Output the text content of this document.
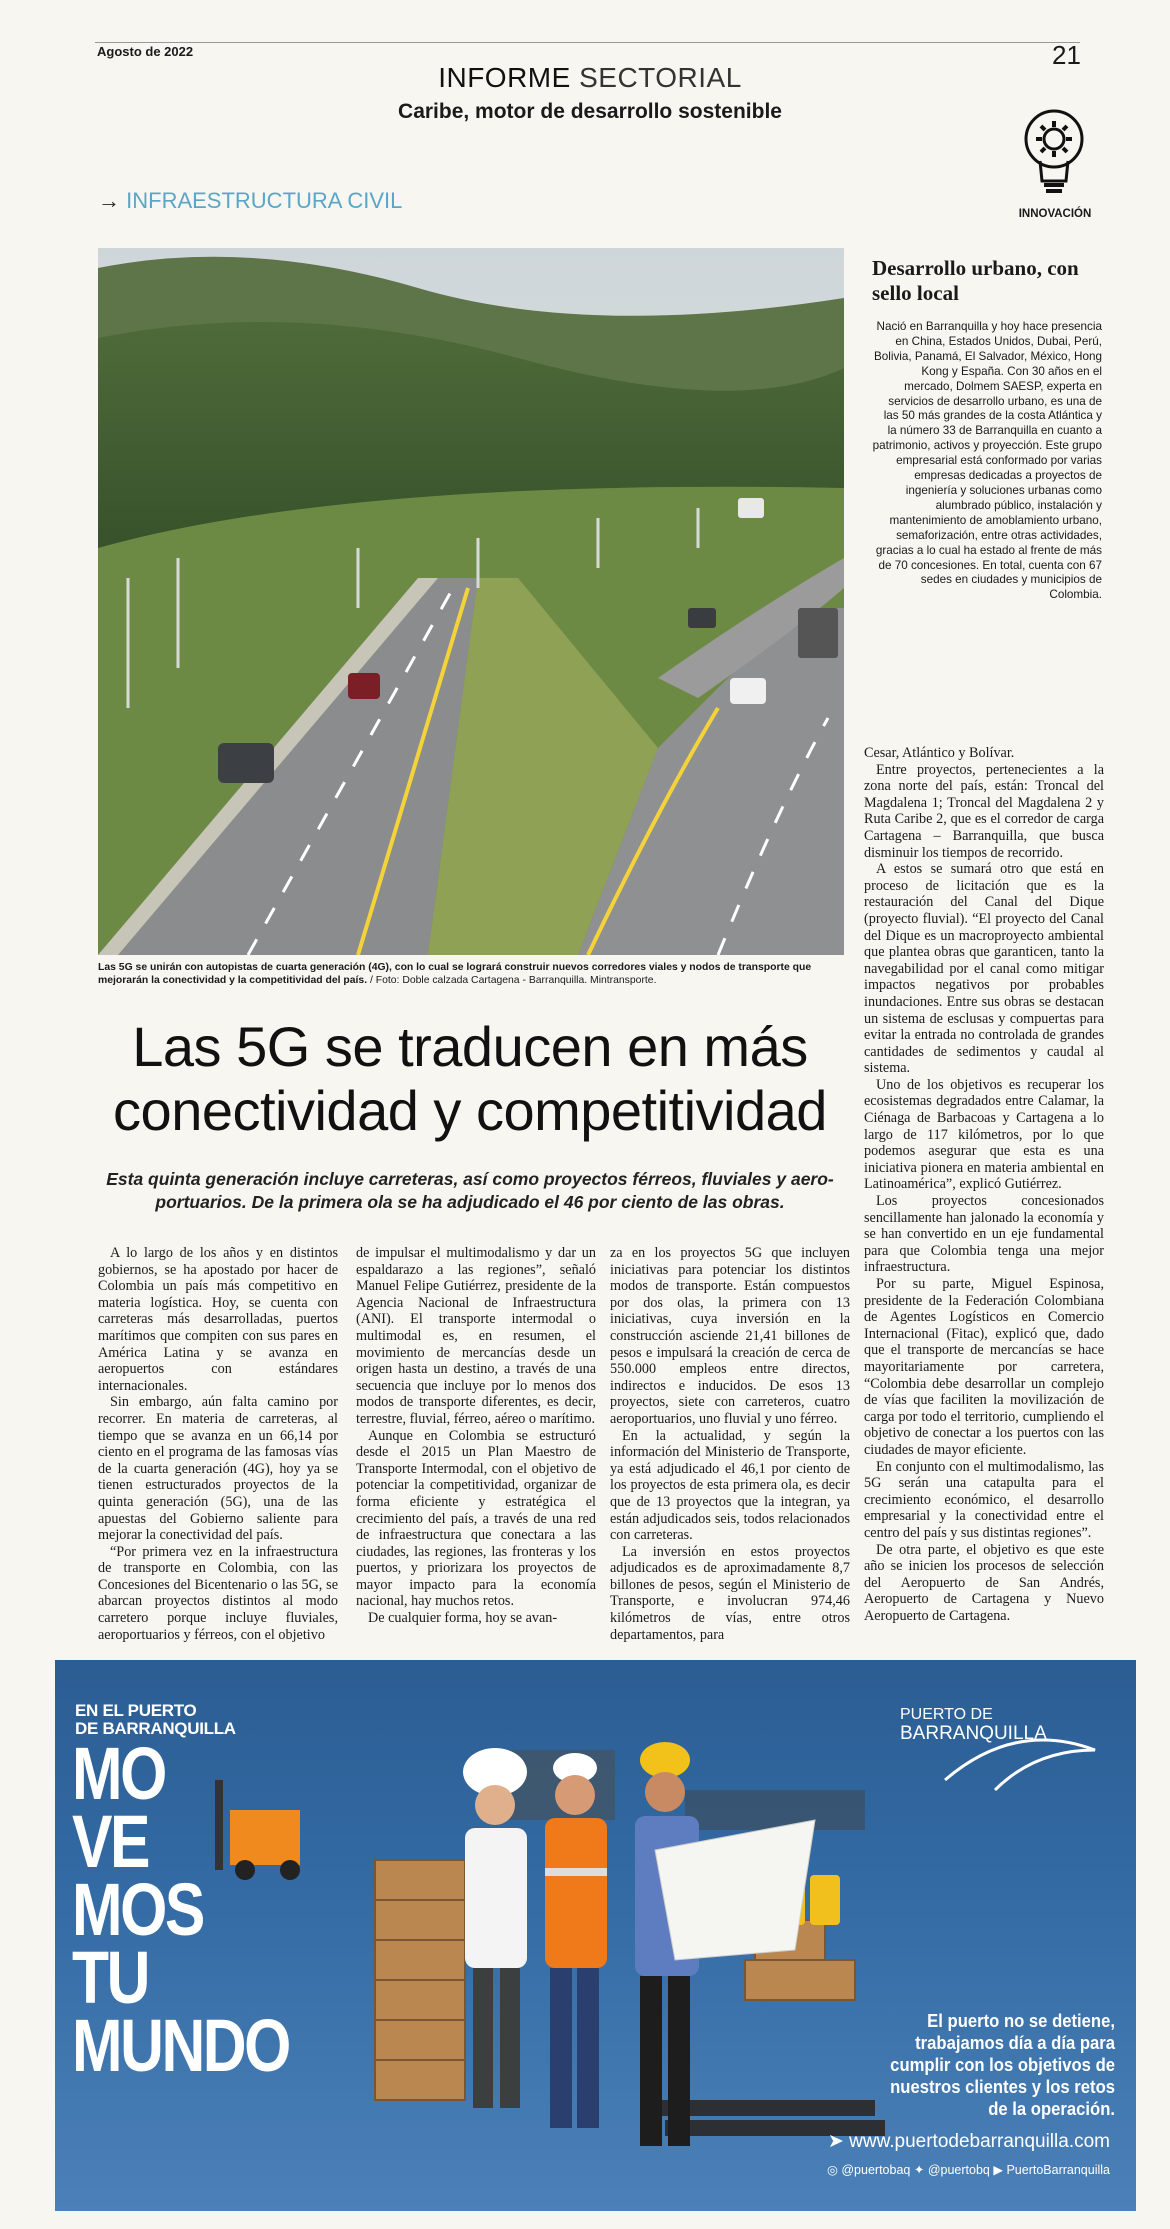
Agosto de 2022	21
INFORME SECTORIAL
Caribe, motor de desarrollo sostenible
INNOVACIÓN
→ INFRAESTRUCTURA CIVIL
Las 5G se unirán con autopistas de cuarta generación (4G), con lo cual se logrará construir nuevos corredores viales y nodos de transporte que mejorarán la conectividad y la competitividad del país. / Foto: Doble calzada Cartagena - Barranquilla. Mintransporte.
Desarrollo urbano, con sello local
Nació en Barranquilla y hoy hace presencia en China, Estados Unidos, Dubai, Perú, Bolivia, Panamá, El Salvador, México, Hong Kong y España. Con 30 años en el mercado, Dolmem SAESP, experta en servicios de desarrollo urbano, es una de las 50 más grandes de la costa Atlántica y la número 33 de Barranquilla en cuanto a patrimonio, activos y proyección. Este grupo empresarial está conformado por varias empresas dedicadas a proyectos de ingeniería y soluciones urbanas como alumbrado público, instalación y mantenimiento de amoblamiento urbano, semaforización, entre otras actividades, gracias a lo cual ha estado al frente de más de 70 concesiones. En total, cuenta con 67 sedes en ciudades y municipios de Colombia.
Las 5G se traducen en más
conectividad y competitividad
Esta quinta generación incluye carreteras, así como proyectos férreos, fluviales y aero-
portuarios. De la primera ola se ha adjudicado el 46 por ciento de las obras.

A lo largo de los años y en distintos gobiernos, se ha apostado por hacer de Colombia un país más competitivo en materia logística. Hoy, se cuenta con carreteras más desarrolladas, puertos marítimos que compiten con sus pares en América Latina y se avanza en aeropuertos con estándares internacionales.

Sin embargo, aún falta camino por recorrer. En materia de carreteras, al tiempo que se avanza en un 66,14 por ciento en el programa de las famosas vías de la cuarta generación (4G), hoy ya se tienen estructurados proyectos de la quinta generación (5G), una de las apuestas del Gobierno saliente para mejorar la conectividad del país.

“Por primera vez en la infraestructura de transporte en Colombia, con las Concesiones del Bicentenario o las 5G, se abarcan proyectos distintos al modo carretero porque incluye fluviales, aeroportuarios y férreos, con el objetivo

de impulsar el multimodalismo y dar un espaldarazo a las regiones”, señaló Manuel Felipe Gutiérrez, presidente de la Agencia Nacional de Infraestructura (ANI). El transporte intermodal o multimodal es, en resumen, el movimiento de mercancías desde un origen hasta un destino, a través de una secuencia que incluye por lo menos dos modos de transporte diferentes, es decir, terrestre, fluvial, férreo, aéreo o marítimo.

Aunque en Colombia se estructuró desde el 2015 un Plan Maestro de Transporte Intermodal, con el objetivo de potenciar la competitividad, organizar de forma eficiente y estratégica el crecimiento del país, a través de una red de infraestructura que conectara a las ciudades, las regiones, las fronteras y los puertos, y priorizara los proyectos de mayor impacto para la economía nacional, hay muchos retos.

De cualquier forma, hoy se avan-

za en los proyectos 5G que incluyen iniciativas para potenciar los distintos modos de transporte. Están compuestos por dos olas, la primera con 13 iniciativas, cuya inversión en la construcción asciende 21,41 billones de pesos e impulsará la creación de cerca de 550.000 empleos entre directos, indirectos e inducidos. De esos 13 proyectos, siete con carreteros, cuatro aeroportuarios, uno fluvial y uno férreo.

En la actualidad, y según la información del Ministerio de Transporte, ya está adjudicado el 46,1 por ciento de los proyectos de esta primera ola, es decir que de 13 proyectos que la integran, ya están adjudicados seis, todos relacionados con carreteras.

La inversión en estos proyectos adjudicados es de aproximadamente 8,7 billones de pesos, según el Ministerio de Transporte, e involucran 974,46 kilómetros de vías, entre otros departamentos, para

Cesar, Atlántico y Bolívar.

Entre proyectos, pertenecientes a la zona norte del país, están: Troncal del Magdalena 1; Troncal del Magdalena 2 y Ruta Caribe 2, que es el corredor de carga Cartagena – Barranquilla, que busca disminuir los tiempos de recorrido.

A estos se sumará otro que está en proceso de licitación que es la restauración del Canal del Dique (proyecto fluvial). “El proyecto del Canal del Dique es un macroproyecto ambiental que plantea obras que garanticen, tanto la navegabilidad por el canal como mitigar impactos negativos por probables inundaciones. Entre sus obras se destacan un sistema de esclusas y compuertas para evitar la entrada no controlada de grandes cantidades de sedimentos y caudal al sistema.

Uno de los objetivos es recuperar los ecosistemas degradados entre Calamar, la Ciénaga de Barbacoas y Cartagena a lo largo de 117 kilómetros, por lo que podemos asegurar que esta es una iniciativa pionera en materia ambiental en Latinoamérica”, explicó Gutiérrez.

Los proyectos concesionados sencillamente han jalonado la economía y se han convertido en un eje fundamental para que Colombia tenga una mejor infraestructura.

Por su parte, Miguel Espinosa, presidente de la Federación Colombiana de Agentes Logísticos en Comercio Internacional (Fitac), explicó que, dado que el transporte de mercancías se hace mayoritariamente por carretera, “Colombia debe desarrollar un complejo de vías que faciliten la movilización de carga por todo el territorio, cumpliendo el objetivo de conectar a los puertos con las ciudades de mayor eficiente.

En conjunto con el multimodalismo, las 5G serán una catapulta para el crecimiento económico, el desarrollo empresarial y la conectividad entre el centro del país y sus distintas regiones”.

De otra parte, el objetivo es que este año se inicien los procesos de selección del Aeropuerto de San Andrés, Aeropuerto de Cartagena y Nuevo Aeropuerto de Cartagena.

EN EL PUERTO
DE BARRANQUILLA
MO
VE
MOS
TU
MUNDO
PUERTO DE
BARRANQUILLA
El puerto no se detiene,
trabajamos día a día para
cumplir con los objetivos de
nuestros clientes y los retos
de la operación.
➤ www.puertodebarranquilla.com
◎ @puertobaq ✦ @puertobq ▶ PuertoBarranquilla
